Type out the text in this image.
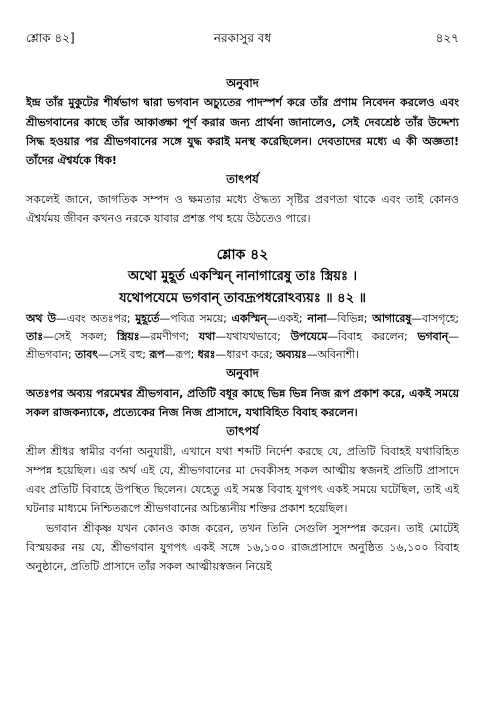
শ্লোক ৪২]	নরকাসুর বধ	৪২৭
অনুবাদ

ইন্দ্র তাঁর মুকুটের শীর্ষভাগ দ্বারা ভগবান অচ্যুতের পাদস্পর্শ করে তাঁর প্রণাম নিবেদন করলেও এবং শ্রীভগবানের কাছে তাঁর আকাঙ্ক্ষা পূর্ণ করার জন্য প্রার্থনা জানালেও, সেই দেবশ্রেষ্ঠ তাঁর উদ্দেশ্য সিদ্ধ হওয়ার পর শ্রীভগবানের সঙ্গে যুদ্ধ করাই মনস্থ করেছিলেন। দেবতাদের মধ্যে এ কী অজ্ঞতা! তাঁদের ঐশ্বর্যকে ধিক!

তাৎপর্য

সকলেই জানে, জাগতিক সম্পদ ও ক্ষমতার মধ্যে ঔদ্ধত্য সৃষ্টির প্রবণতা থাকে এবং তাই কোনও ঐশ্বর্যময় জীবন কখনও নরকে যাবার প্রশস্ত পথ হয়ে উঠতেও পারে।

শ্লোক ৪২
অথো মুহূর্ত একস্মিন্ নানাগারেষু তাঃ স্ত্রিয়ঃ ।
যথোপযেমে ভগবান্ তাবদ্রূপধরোঽব্যয়ঃ ॥ ৪২ ॥

অথ উ—এবং অতঃপর; মুহূর্তে—পবিত্র সময়ে; একস্মিন্—একই; নানা—বিভিন্ন; আগারেষু—বাসগৃহে; তাঃ—সেই সকল; স্ত্রিয়ঃ—রমণীগণ; যথা—যথাযথভাবে; উপযেমে—বিবাহ করলেন; ভগবান্—শ্রীভগবান; তাবৎ—সেই বহু; রূপ—রূপ; ধরঃ—ধারণ করে; অব্যয়ঃ—অবিনাশী।

অনুবাদ

অতঃপর অব্যয় পরমেশ্বর শ্রীভগবান, প্রতিটি বধূর কাছে ভিন্ন ভিন্ন নিজ রূপ প্রকাশ করে, একই সময়ে সকল রাজকন্যাকে, প্রত্যেকের নিজ নিজ প্রাসাদে, যথাবিহিত বিবাহ করলেন।

তাৎপর্য

শ্রীল শ্রীধর স্বামীর বর্ণনা অনুযায়ী, এখানে যথা শব্দটি নির্দেশ করছে যে, প্রতিটি বিবাহই যথাবিহিত সম্পন্ন হয়েছিল। এর অর্থ এই যে, শ্রীভগবানের মা দেবকীসহ সকল আত্মীয় স্বজনই প্রতিটি প্রাসাদে এবং প্রতিটি বিবাহে উপস্থিত ছিলেন। যেহেতু এই সমস্ত বিবাহ যুগপৎ একই সময়ে ঘটেছিল, তাই এই ঘটনার মাধ্যমে নিশ্চিতরূপে শ্রীভগবানের অচিন্ত্যনীয় শক্তির প্রকাশ হয়েছিল।

ভগবান শ্রীকৃষ্ণ যখন কোনও কাজ করেন, তখন তিনি সেগুলি সুসম্পন্ন করেন। তাই মোটেই বিস্ময়কর নয় যে, শ্রীভগবান যুগপৎ একই সঙ্গে ১৬,১০০ রাজপ্রাসাদে অনুষ্ঠিত ১৬,১০০ বিবাহ অনুষ্ঠানে, প্রতিটি প্রাসাদে তাঁর সকল আত্মীয়স্বজন নিয়েই
